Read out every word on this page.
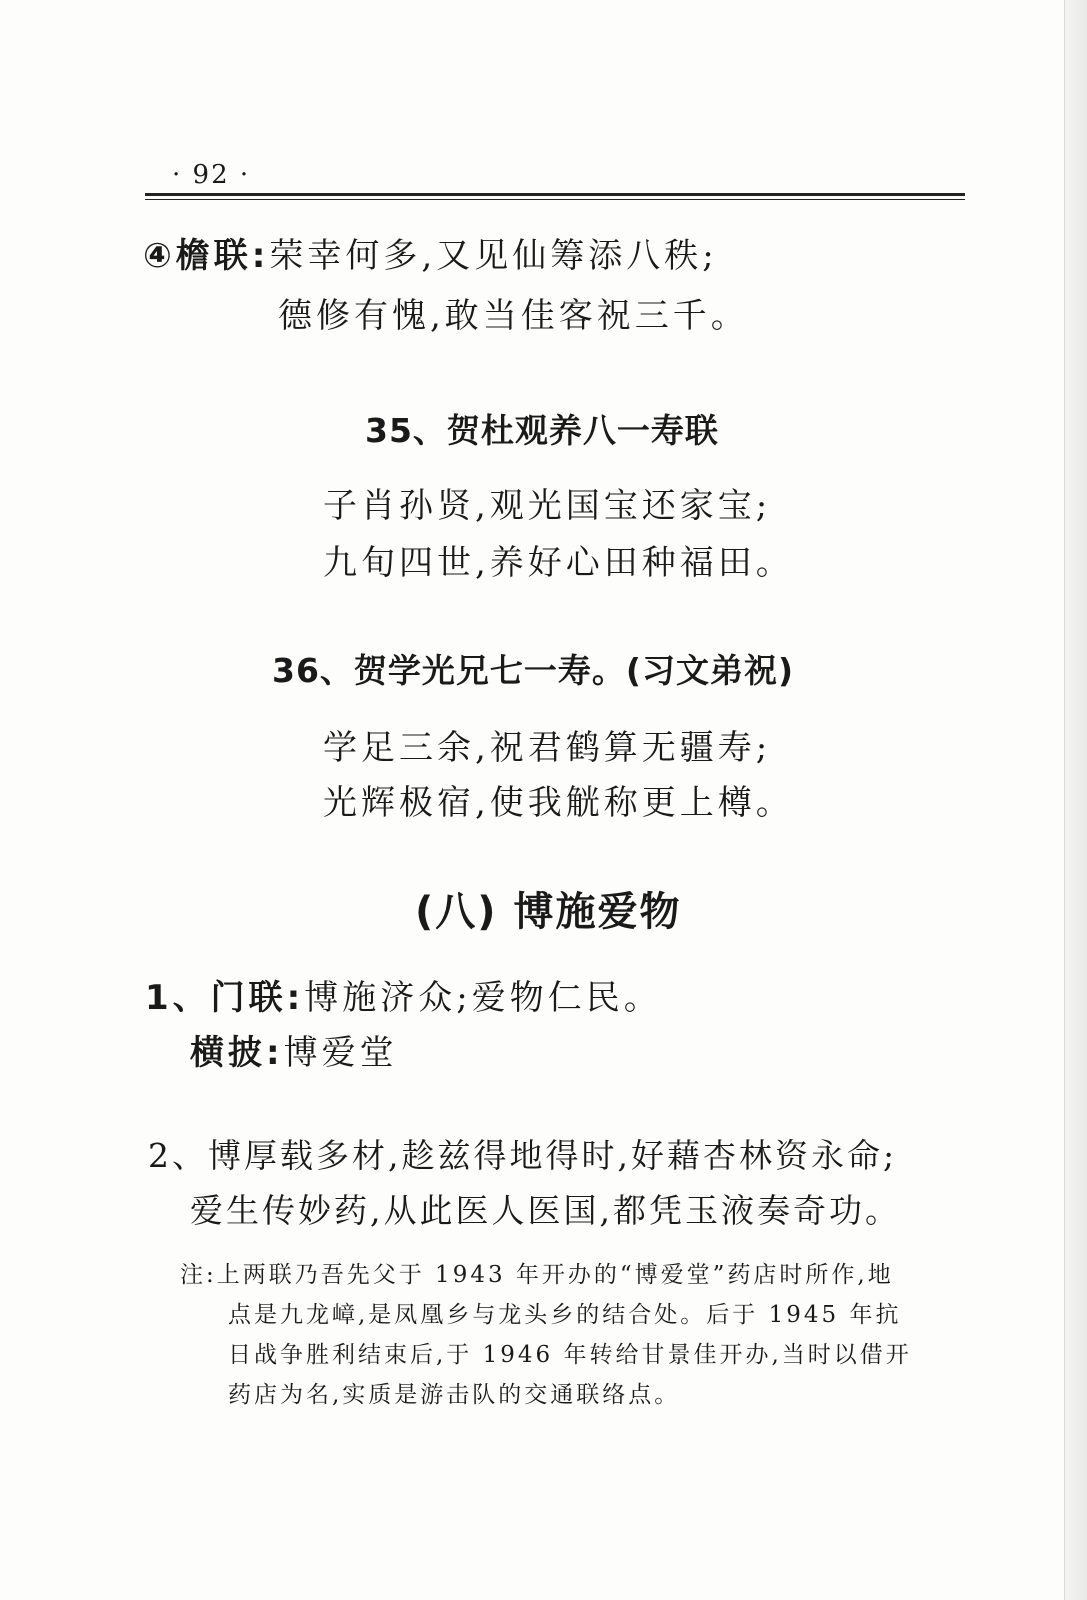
· 92 ·
④檐联:荣幸何多,又见仙筹添八秩;
德修有愧,敢当佳客祝三千。
35、贺杜观养八一寿联
子肖孙贤,观光国宝还家宝;
九旬四世,养好心田种福田。
36、贺学光兄七一寿。(习文弟祝)
学足三余,祝君鹤算无疆寿;
光辉极宿,使我觥称更上樽。
(八) 博施爱物
1、门联:博施济众;爱物仁民。
横披:博爱堂
2、博厚载多材,趁兹得地得时,好藉杏林资永命;
爱生传妙药,从此医人医国,都凭玉液奏奇功。
注:上两联乃吾先父于 1943 年开办的“博爱堂”药店时所作,地
点是九龙嶂,是凤凰乡与龙头乡的结合处。后于 1945 年抗
日战争胜利结束后,于 1946 年转给甘景佳开办,当时以借开
药店为名,实质是游击队的交通联络点。
